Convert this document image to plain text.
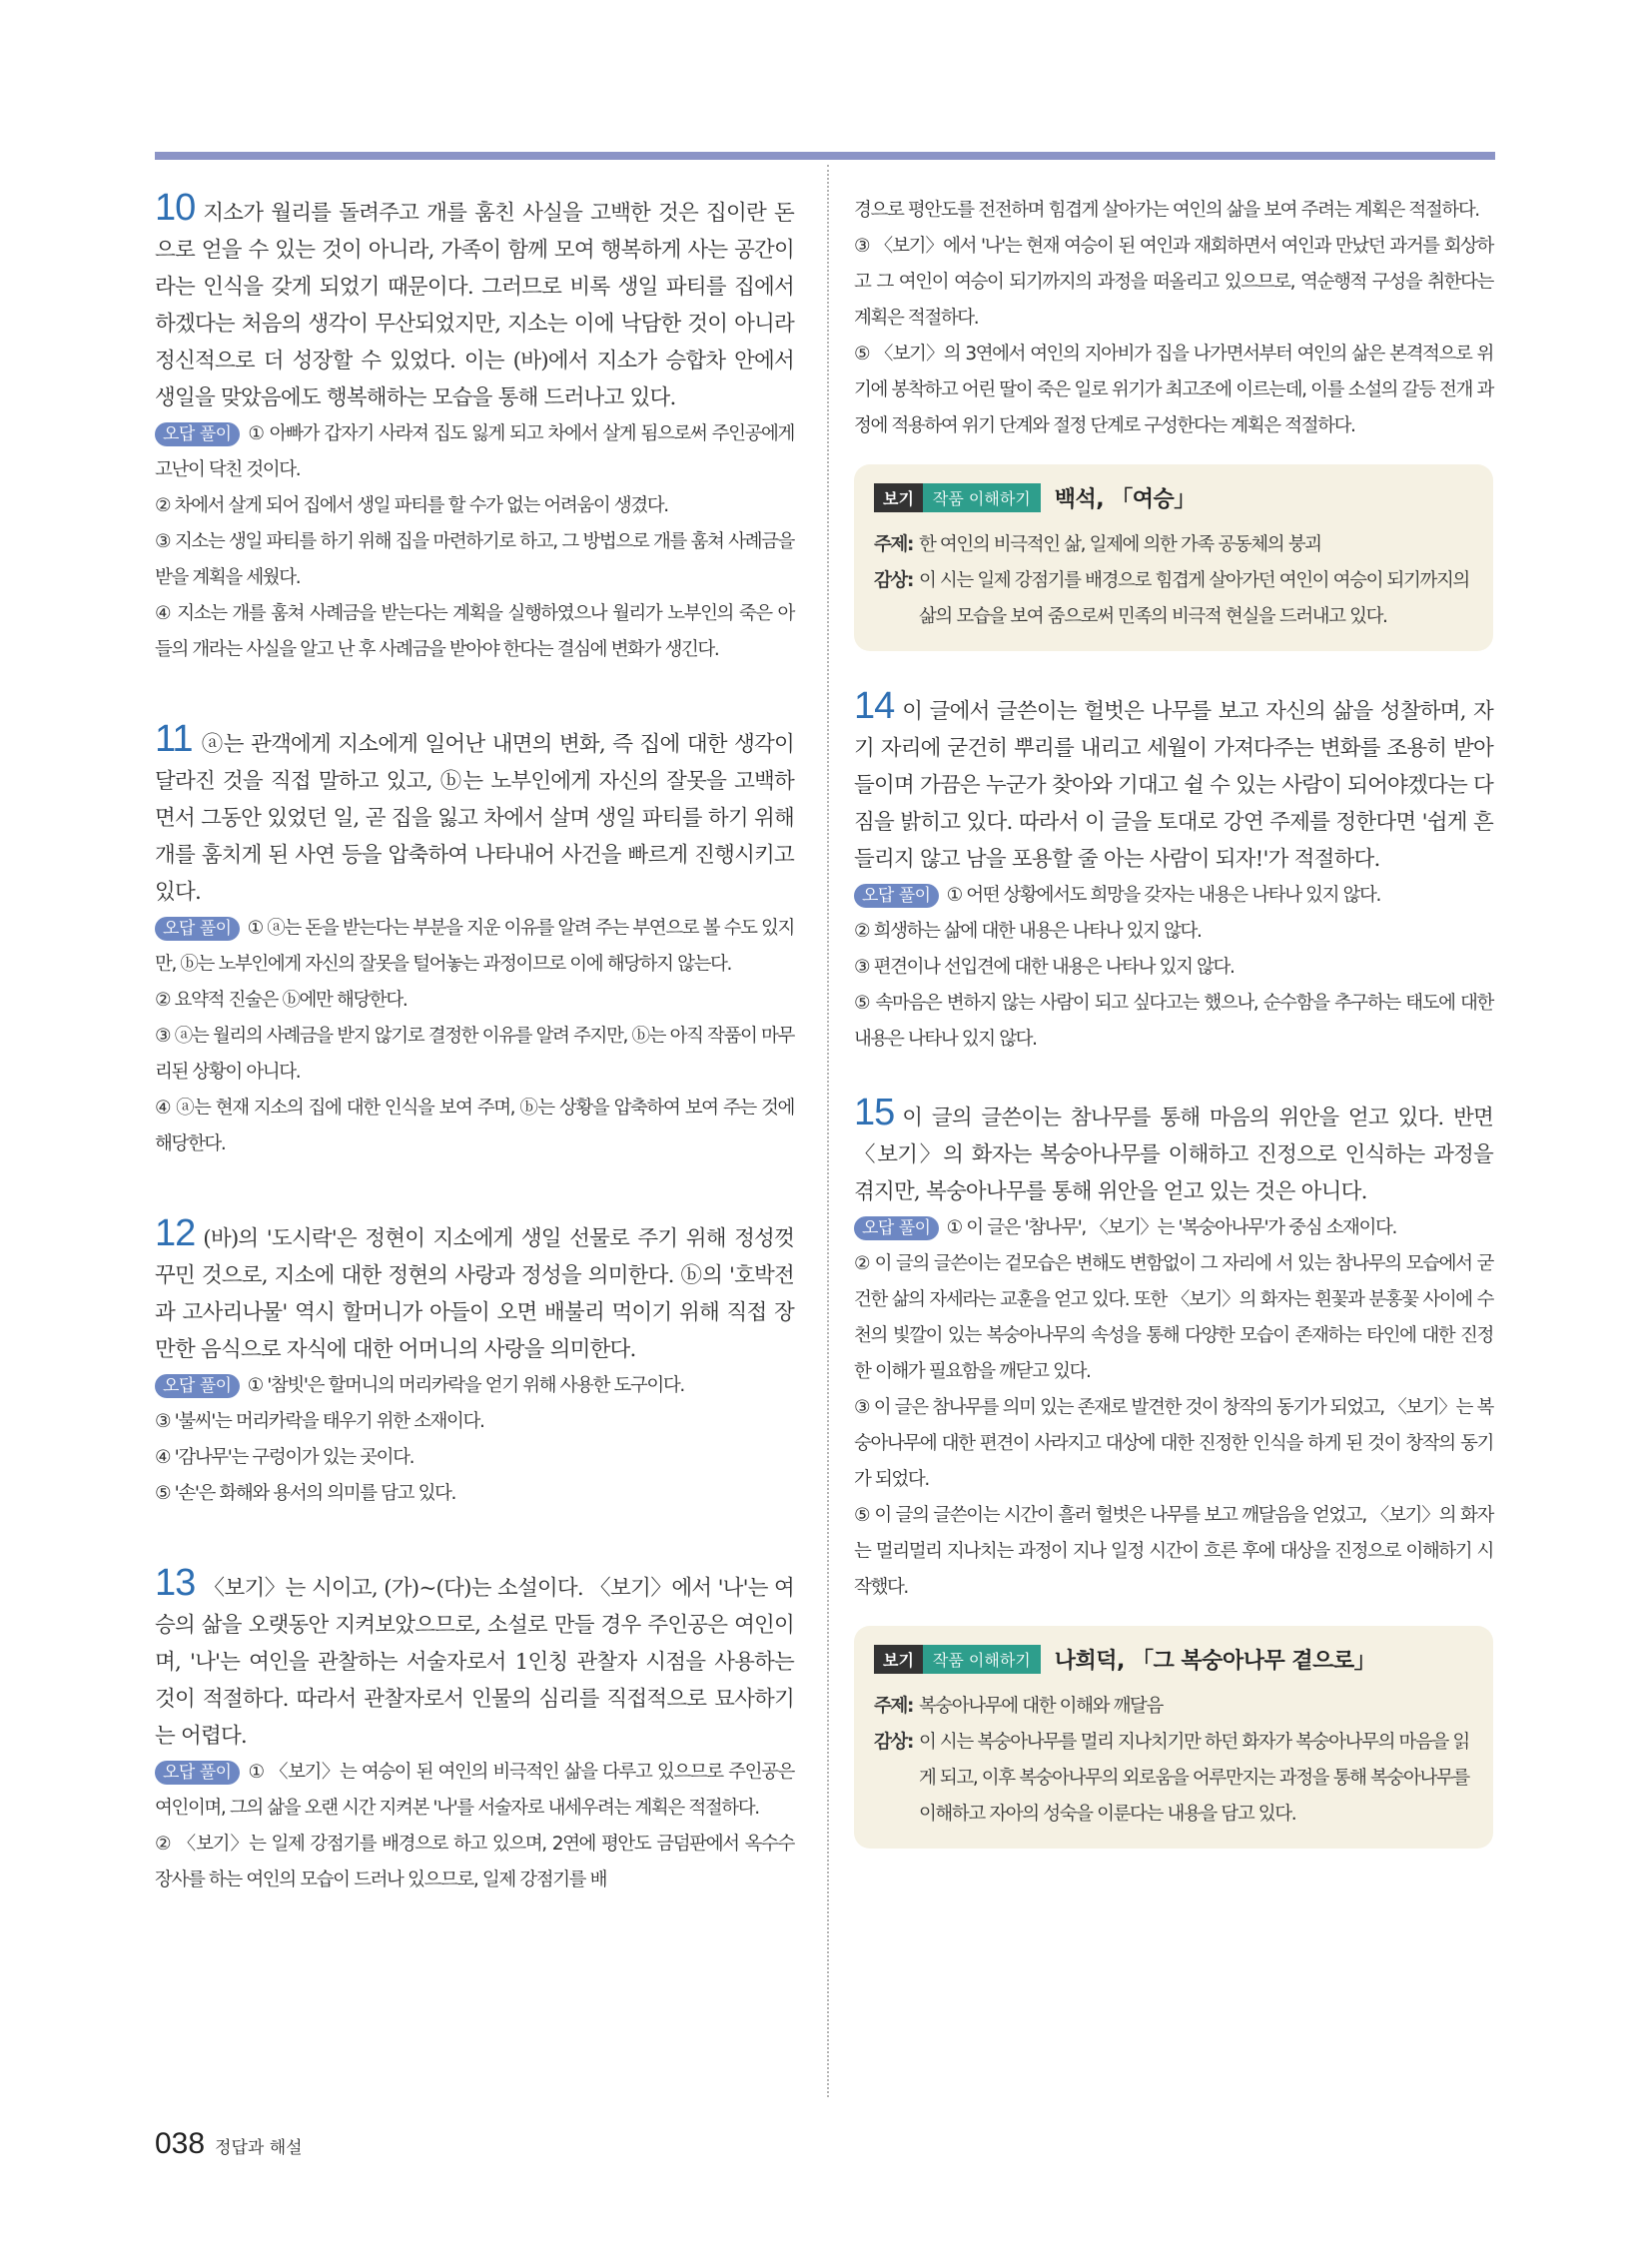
10 지소가 월리를 돌려주고 개를 훔친 사실을 고백한 것은 집이란 돈으로 얻을 수 있는 것이 아니라, 가족이 함께 모여 행복하게 사는 공간이라는 인식을 갖게 되었기 때문이다. 그러므로 비록 생일 파티를 집에서 하겠다는 처음의 생각이 무산되었지만, 지소는 이에 낙담한 것이 아니라 정신적으로 더 성장할 수 있었다. 이는 (바)에서 지소가 승합차 안에서 생일을 맞았음에도 행복해하는 모습을 통해 드러나고 있다.

오답 풀이 ① 아빠가 갑자기 사라져 집도 잃게 되고 차에서 살게 됨으로써 주인공에게 고난이 닥친 것이다.

② 차에서 살게 되어 집에서 생일 파티를 할 수가 없는 어려움이 생겼다.

③ 지소는 생일 파티를 하기 위해 집을 마련하기로 하고, 그 방법으로 개를 훔쳐 사례금을 받을 계획을 세웠다.

④ 지소는 개를 훔쳐 사례금을 받는다는 계획을 실행하였으나 월리가 노부인의 죽은 아들의 개라는 사실을 알고 난 후 사례금을 받아야 한다는 결심에 변화가 생긴다.

11 ⓐ는 관객에게 지소에게 일어난 내면의 변화, 즉 집에 대한 생각이 달라진 것을 직접 말하고 있고, ⓑ는 노부인에게 자신의 잘못을 고백하면서 그동안 있었던 일, 곧 집을 잃고 차에서 살며 생일 파티를 하기 위해 개를 훔치게 된 사연 등을 압축하여 나타내어 사건을 빠르게 진행시키고 있다.

오답 풀이 ① ⓐ는 돈을 받는다는 부분을 지운 이유를 알려 주는 부연으로 볼 수도 있지만, ⓑ는 노부인에게 자신의 잘못을 털어놓는 과정이므로 이에 해당하지 않는다.

② 요약적 진술은 ⓑ에만 해당한다.

③ ⓐ는 월리의 사례금을 받지 않기로 결정한 이유를 알려 주지만, ⓑ는 아직 작품이 마무리된 상황이 아니다.

④ ⓐ는 현재 지소의 집에 대한 인식을 보여 주며, ⓑ는 상황을 압축하여 보여 주는 것에 해당한다.

12 (바)의 '도시락'은 정현이 지소에게 생일 선물로 주기 위해 정성껏 꾸민 것으로, 지소에 대한 정현의 사랑과 정성을 의미한다. ⓑ의 '호박전과 고사리나물' 역시 할머니가 아들이 오면 배불리 먹이기 위해 직접 장만한 음식으로 자식에 대한 어머니의 사랑을 의미한다.

오답 풀이 ① '참빗'은 할머니의 머리카락을 얻기 위해 사용한 도구이다.

③ '불씨'는 머리카락을 태우기 위한 소재이다.

④ '감나무'는 구렁이가 있는 곳이다.

⑤ '손'은 화해와 용서의 의미를 담고 있다.

13 〈보기〉는 시이고, (가)~(다)는 소설이다. 〈보기〉에서 '나'는 여승의 삶을 오랫동안 지켜보았으므로, 소설로 만들 경우 주인공은 여인이며, '나'는 여인을 관찰하는 서술자로서 1인칭 관찰자 시점을 사용하는 것이 적절하다. 따라서 관찰자로서 인물의 심리를 직접적으로 묘사하기는 어렵다.

오답 풀이 ① 〈보기〉는 여승이 된 여인의 비극적인 삶을 다루고 있으므로 주인공은 여인이며, 그의 삶을 오랜 시간 지켜본 '나'를 서술자로 내세우려는 계획은 적절하다.

② 〈보기〉는 일제 강점기를 배경으로 하고 있으며, 2연에 평안도 금덤판에서 옥수수 장사를 하는 여인의 모습이 드러나 있으므로, 일제 강점기를 배

경으로 평안도를 전전하며 힘겹게 살아가는 여인의 삶을 보여 주려는 계획은 적절하다.

③ 〈보기〉에서 '나'는 현재 여승이 된 여인과 재회하면서 여인과 만났던 과거를 회상하고 그 여인이 여승이 되기까지의 과정을 떠올리고 있으므로, 역순행적 구성을 취한다는 계획은 적절하다.

⑤ 〈보기〉의 3연에서 여인의 지아비가 집을 나가면서부터 여인의 삶은 본격적으로 위기에 봉착하고 어린 딸이 죽은 일로 위기가 최고조에 이르는데, 이를 소설의 갈등 전개 과정에 적용하여 위기 단계와 절정 단계로 구성한다는 계획은 적절하다.

보기	작품 이해하기	백석, 「여승」
주제: 한 여인의 비극적인 삶, 일제에 의한 가족 공동체의 붕괴
감상: 이 시는 일제 강점기를 배경으로 힘겹게 살아가던 여인이 여승이 되기까지의 삶의 모습을 보여 줌으로써 민족의 비극적 현실을 드러내고 있다.

14 이 글에서 글쓴이는 헐벗은 나무를 보고 자신의 삶을 성찰하며, 자기 자리에 굳건히 뿌리를 내리고 세월이 가져다주는 변화를 조용히 받아들이며 가끔은 누군가 찾아와 기대고 쉴 수 있는 사람이 되어야겠다는 다짐을 밝히고 있다. 따라서 이 글을 토대로 강연 주제를 정한다면 '쉽게 흔들리지 않고 남을 포용할 줄 아는 사람이 되자!'가 적절하다.

오답 풀이 ① 어떤 상황에서도 희망을 갖자는 내용은 나타나 있지 않다.

② 희생하는 삶에 대한 내용은 나타나 있지 않다.

③ 편견이나 선입견에 대한 내용은 나타나 있지 않다.

⑤ 속마음은 변하지 않는 사람이 되고 싶다고는 했으나, 순수함을 추구하는 태도에 대한 내용은 나타나 있지 않다.

15 이 글의 글쓴이는 참나무를 통해 마음의 위안을 얻고 있다. 반면 〈보기〉의 화자는 복숭아나무를 이해하고 진정으로 인식하는 과정을 겪지만, 복숭아나무를 통해 위안을 얻고 있는 것은 아니다.

오답 풀이 ① 이 글은 '참나무', 〈보기〉는 '복숭아나무'가 중심 소재이다.

② 이 글의 글쓴이는 겉모습은 변해도 변함없이 그 자리에 서 있는 참나무의 모습에서 굳건한 삶의 자세라는 교훈을 얻고 있다. 또한 〈보기〉의 화자는 흰꽃과 분홍꽃 사이에 수천의 빛깔이 있는 복숭아나무의 속성을 통해 다양한 모습이 존재하는 타인에 대한 진정한 이해가 필요함을 깨닫고 있다.

③ 이 글은 참나무를 의미 있는 존재로 발견한 것이 창작의 동기가 되었고, 〈보기〉는 복숭아나무에 대한 편견이 사라지고 대상에 대한 진정한 인식을 하게 된 것이 창작의 동기가 되었다.

⑤ 이 글의 글쓴이는 시간이 흘러 헐벗은 나무를 보고 깨달음을 얻었고, 〈보기〉의 화자는 멀리멀리 지나치는 과정이 지나 일정 시간이 흐른 후에 대상을 진정으로 이해하기 시작했다.

보기	작품 이해하기	나희덕, 「그 복숭아나무 곁으로」
주제: 복숭아나무에 대한 이해와 깨달음
감상: 이 시는 복숭아나무를 멀리 지나치기만 하던 화자가 복숭아나무의 마음을 읽게 되고, 이후 복숭아나무의 외로움을 어루만지는 과정을 통해 복숭아나무를 이해하고 자아의 성숙을 이룬다는 내용을 담고 있다.
038 정답과 해설
